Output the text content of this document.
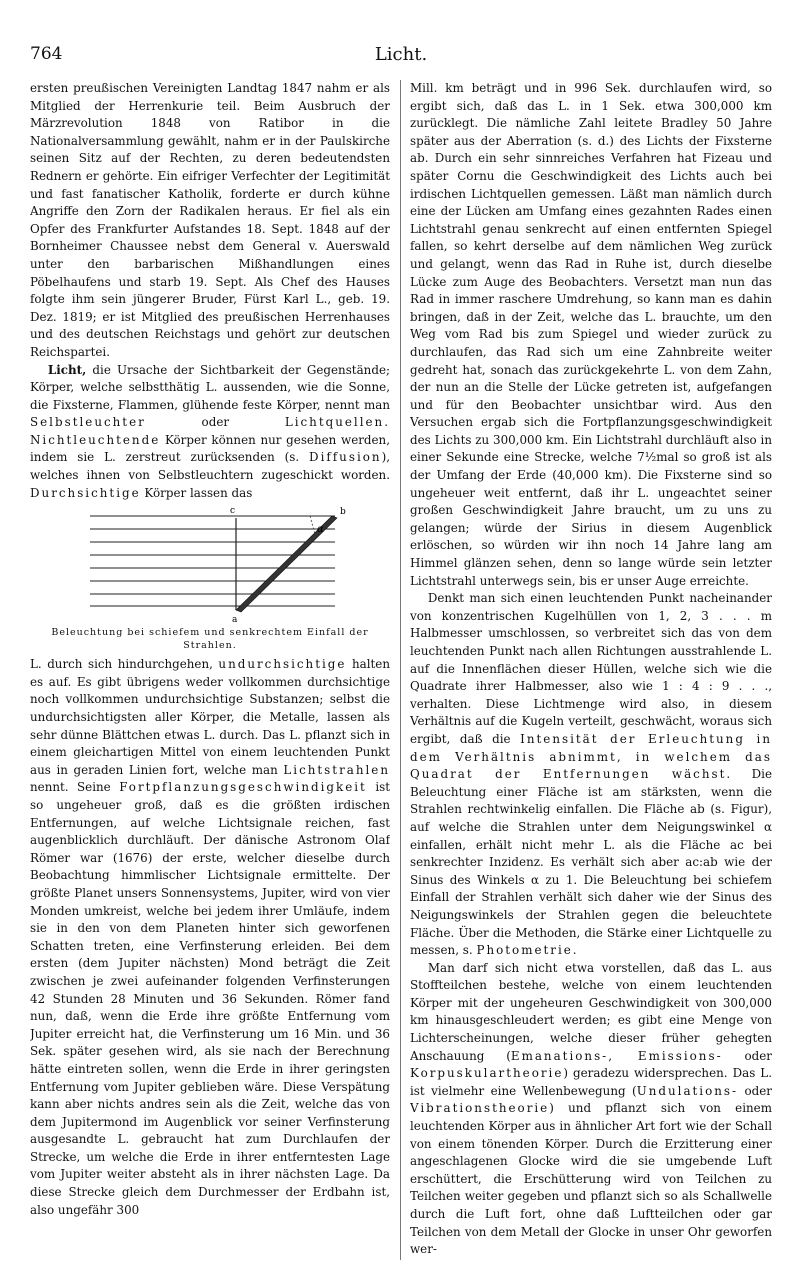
764	Licht.

ersten preußischen Vereinigten Landtag 1847 nahm er als Mitglied der Herrenkurie teil. Beim Ausbruch der Märzrevolution 1848 von Ratibor in die Nationalversammlung gewählt, nahm er in der Paulskirche seinen Sitz auf der Rechten, zu deren bedeutendsten Rednern er gehörte. Ein eifriger Verfechter der Legitimität und fast fanatischer Katholik, forderte er durch kühne Angriffe den Zorn der Radikalen heraus. Er fiel als ein Opfer des Frankfurter Aufstandes 18. Sept. 1848 auf der Bornheimer Chaussee nebst dem General v. Auerswald unter den barbarischen Mißhandlungen eines Pöbelhaufens und starb 19. Sept. Als Chef des Hauses folgte ihm sein jüngerer Bruder, Fürst Karl L., geb. 19. Dez. 1819; er ist Mitglied des preußischen Herrenhauses und des deutschen Reichstags und gehört zur deutschen Reichspartei.

Licht, die Ursache der Sichtbarkeit der Gegenstände; Körper, welche selbstthätig L. aussenden, wie die Sonne, die Fixsterne, Flammen, glühende feste Körper, nennt man Selbstleuchter oder Lichtquellen. Nichtleuchtende Körper können nur gesehen werden, indem sie L. zerstreut zurücksenden (s. Diffusion), welches ihnen von Selbstleuchtern zugeschickt worden. Durchsichtige Körper lassen das

c	b
α
a
Beleuchtung bei schiefem und senkrechtem Einfall der Strahlen.

L. durch sich hindurchgehen, undurchsichtige halten es auf. Es gibt übrigens weder vollkommen durchsichtige noch vollkommen undurchsichtige Substanzen; selbst die undurchsichtigsten aller Körper, die Metalle, lassen als sehr dünne Blättchen etwas L. durch. Das L. pflanzt sich in einem gleichartigen Mittel von einem leuchtenden Punkt aus in geraden Linien fort, welche man Lichtstrahlen nennt. Seine Fortpflanzungsgeschwindigkeit ist so ungeheuer groß, daß es die größten irdischen Entfernungen, auf welche Lichtsignale reichen, fast augenblicklich durchläuft. Der dänische Astronom Olaf Römer war (1676) der erste, welcher dieselbe durch Beobachtung himmlischer Lichtsignale ermittelte. Der größte Planet unsers Sonnensystems, Jupiter, wird von vier Monden umkreist, welche bei jedem ihrer Umläufe, indem sie in den von dem Planeten hinter sich geworfenen Schatten treten, eine Verfinsterung erleiden. Bei dem ersten (dem Jupiter nächsten) Mond beträgt die Zeit zwischen je zwei aufeinander folgenden Verfinsterungen 42 Stunden 28 Minuten und 36 Sekunden. Römer fand nun, daß, wenn die Erde ihre größte Entfernung vom Jupiter erreicht hat, die Verfinsterung um 16 Min. und 36 Sek. später gesehen wird, als sie nach der Berechnung hätte eintreten sollen, wenn die Erde in ihrer geringsten Entfernung vom Jupiter geblieben wäre. Diese Verspätung kann aber nichts andres sein als die Zeit, welche das von dem Jupitermond im Augenblick vor seiner Verfinsterung ausgesandte L. gebraucht hat zum Durchlaufen der Strecke, um welche die Erde in ihrer entferntesten Lage vom Jupiter weiter absteht als in ihrer nächsten Lage. Da diese Strecke gleich dem Durchmesser der Erdbahn ist, also ungefähr 300

Mill. km beträgt und in 996 Sek. durchlaufen wird, so ergibt sich, daß das L. in 1 Sek. etwa 300,000 km zurücklegt. Die nämliche Zahl leitete Bradley 50 Jahre später aus der Aberration (s. d.) des Lichts der Fixsterne ab. Durch ein sehr sinnreiches Verfahren hat Fizeau und später Cornu die Geschwindigkeit des Lichts auch bei irdischen Lichtquellen gemessen. Läßt man nämlich durch eine der Lücken am Umfang eines gezahnten Rades einen Lichtstrahl genau senkrecht auf einen entfernten Spiegel fallen, so kehrt derselbe auf dem nämlichen Weg zurück und gelangt, wenn das Rad in Ruhe ist, durch dieselbe Lücke zum Auge des Beobachters. Versetzt man nun das Rad in immer raschere Umdrehung, so kann man es dahin bringen, daß in der Zeit, welche das L. brauchte, um den Weg vom Rad bis zum Spiegel und wieder zurück zu durchlaufen, das Rad sich um eine Zahnbreite weiter gedreht hat, sonach das zurückgekehrte L. von dem Zahn, der nun an die Stelle der Lücke getreten ist, aufgefangen und für den Beobachter unsichtbar wird. Aus den Versuchen ergab sich die Fortpflanzungsgeschwindigkeit des Lichts zu 300,000 km. Ein Lichtstrahl durchläuft also in einer Sekunde eine Strecke, welche 7½mal so groß ist als der Umfang der Erde (40,000 km). Die Fixsterne sind so ungeheuer weit entfernt, daß ihr L. ungeachtet seiner großen Geschwindigkeit Jahre braucht, um zu uns zu gelangen; würde der Sirius in diesem Augenblick erlöschen, so würden wir ihn noch 14 Jahre lang am Himmel glänzen sehen, denn so lange würde sein letzter Lichtstrahl unterwegs sein, bis er unser Auge erreichte.

Denkt man sich einen leuchtenden Punkt nacheinander von konzentrischen Kugelhüllen von 1, 2, 3 . . . m Halbmesser umschlossen, so verbreitet sich das von dem leuchtenden Punkt nach allen Richtungen ausstrahlende L. auf die Innenflächen dieser Hüllen, welche sich wie die Quadrate ihrer Halbmesser, also wie 1 : 4 : 9 . . ., verhalten. Diese Lichtmenge wird also, in diesem Verhältnis auf die Kugeln verteilt, geschwächt, woraus sich ergibt, daß die Intensität der Erleuchtung in dem Verhältnis abnimmt, in welchem das Quadrat der Entfernungen wächst. Die Beleuchtung einer Fläche ist am stärksten, wenn die Strahlen rechtwinkelig einfallen. Die Fläche ab (s. Figur), auf welche die Strahlen unter dem Neigungswinkel α einfallen, erhält nicht mehr L. als die Fläche ac bei senkrechter Inzidenz. Es verhält sich aber ac:ab wie der Sinus des Winkels α zu 1. Die Beleuchtung bei schiefem Einfall der Strahlen verhält sich daher wie der Sinus des Neigungswinkels der Strahlen gegen die beleuchtete Fläche. Über die Methoden, die Stärke einer Lichtquelle zu messen, s. Photometrie.

Man darf sich nicht etwa vorstellen, daß das L. aus Stoffteilchen bestehe, welche von einem leuchtenden Körper mit der ungeheuren Geschwindigkeit von 300,000 km hinausgeschleudert werden; es gibt eine Menge von Lichterscheinungen, welche dieser früher gehegten Anschauung (Emanations-, Emissions- oder Korpuskulartheorie) geradezu widersprechen. Das L. ist vielmehr eine Wellenbewegung (Undulations- oder Vibrationstheorie) und pflanzt sich von einem leuchtenden Körper aus in ähnlicher Art fort wie der Schall von einem tönenden Körper. Durch die Erzitterung einer angeschlagenen Glocke wird die sie umgebende Luft erschüttert, die Erschütterung wird von Teilchen zu Teilchen weiter gegeben und pflanzt sich so als Schallwelle durch die Luft fort, ohne daß Luftteilchen oder gar Teilchen von dem Metall der Glocke in unser Ohr geworfen wer-
